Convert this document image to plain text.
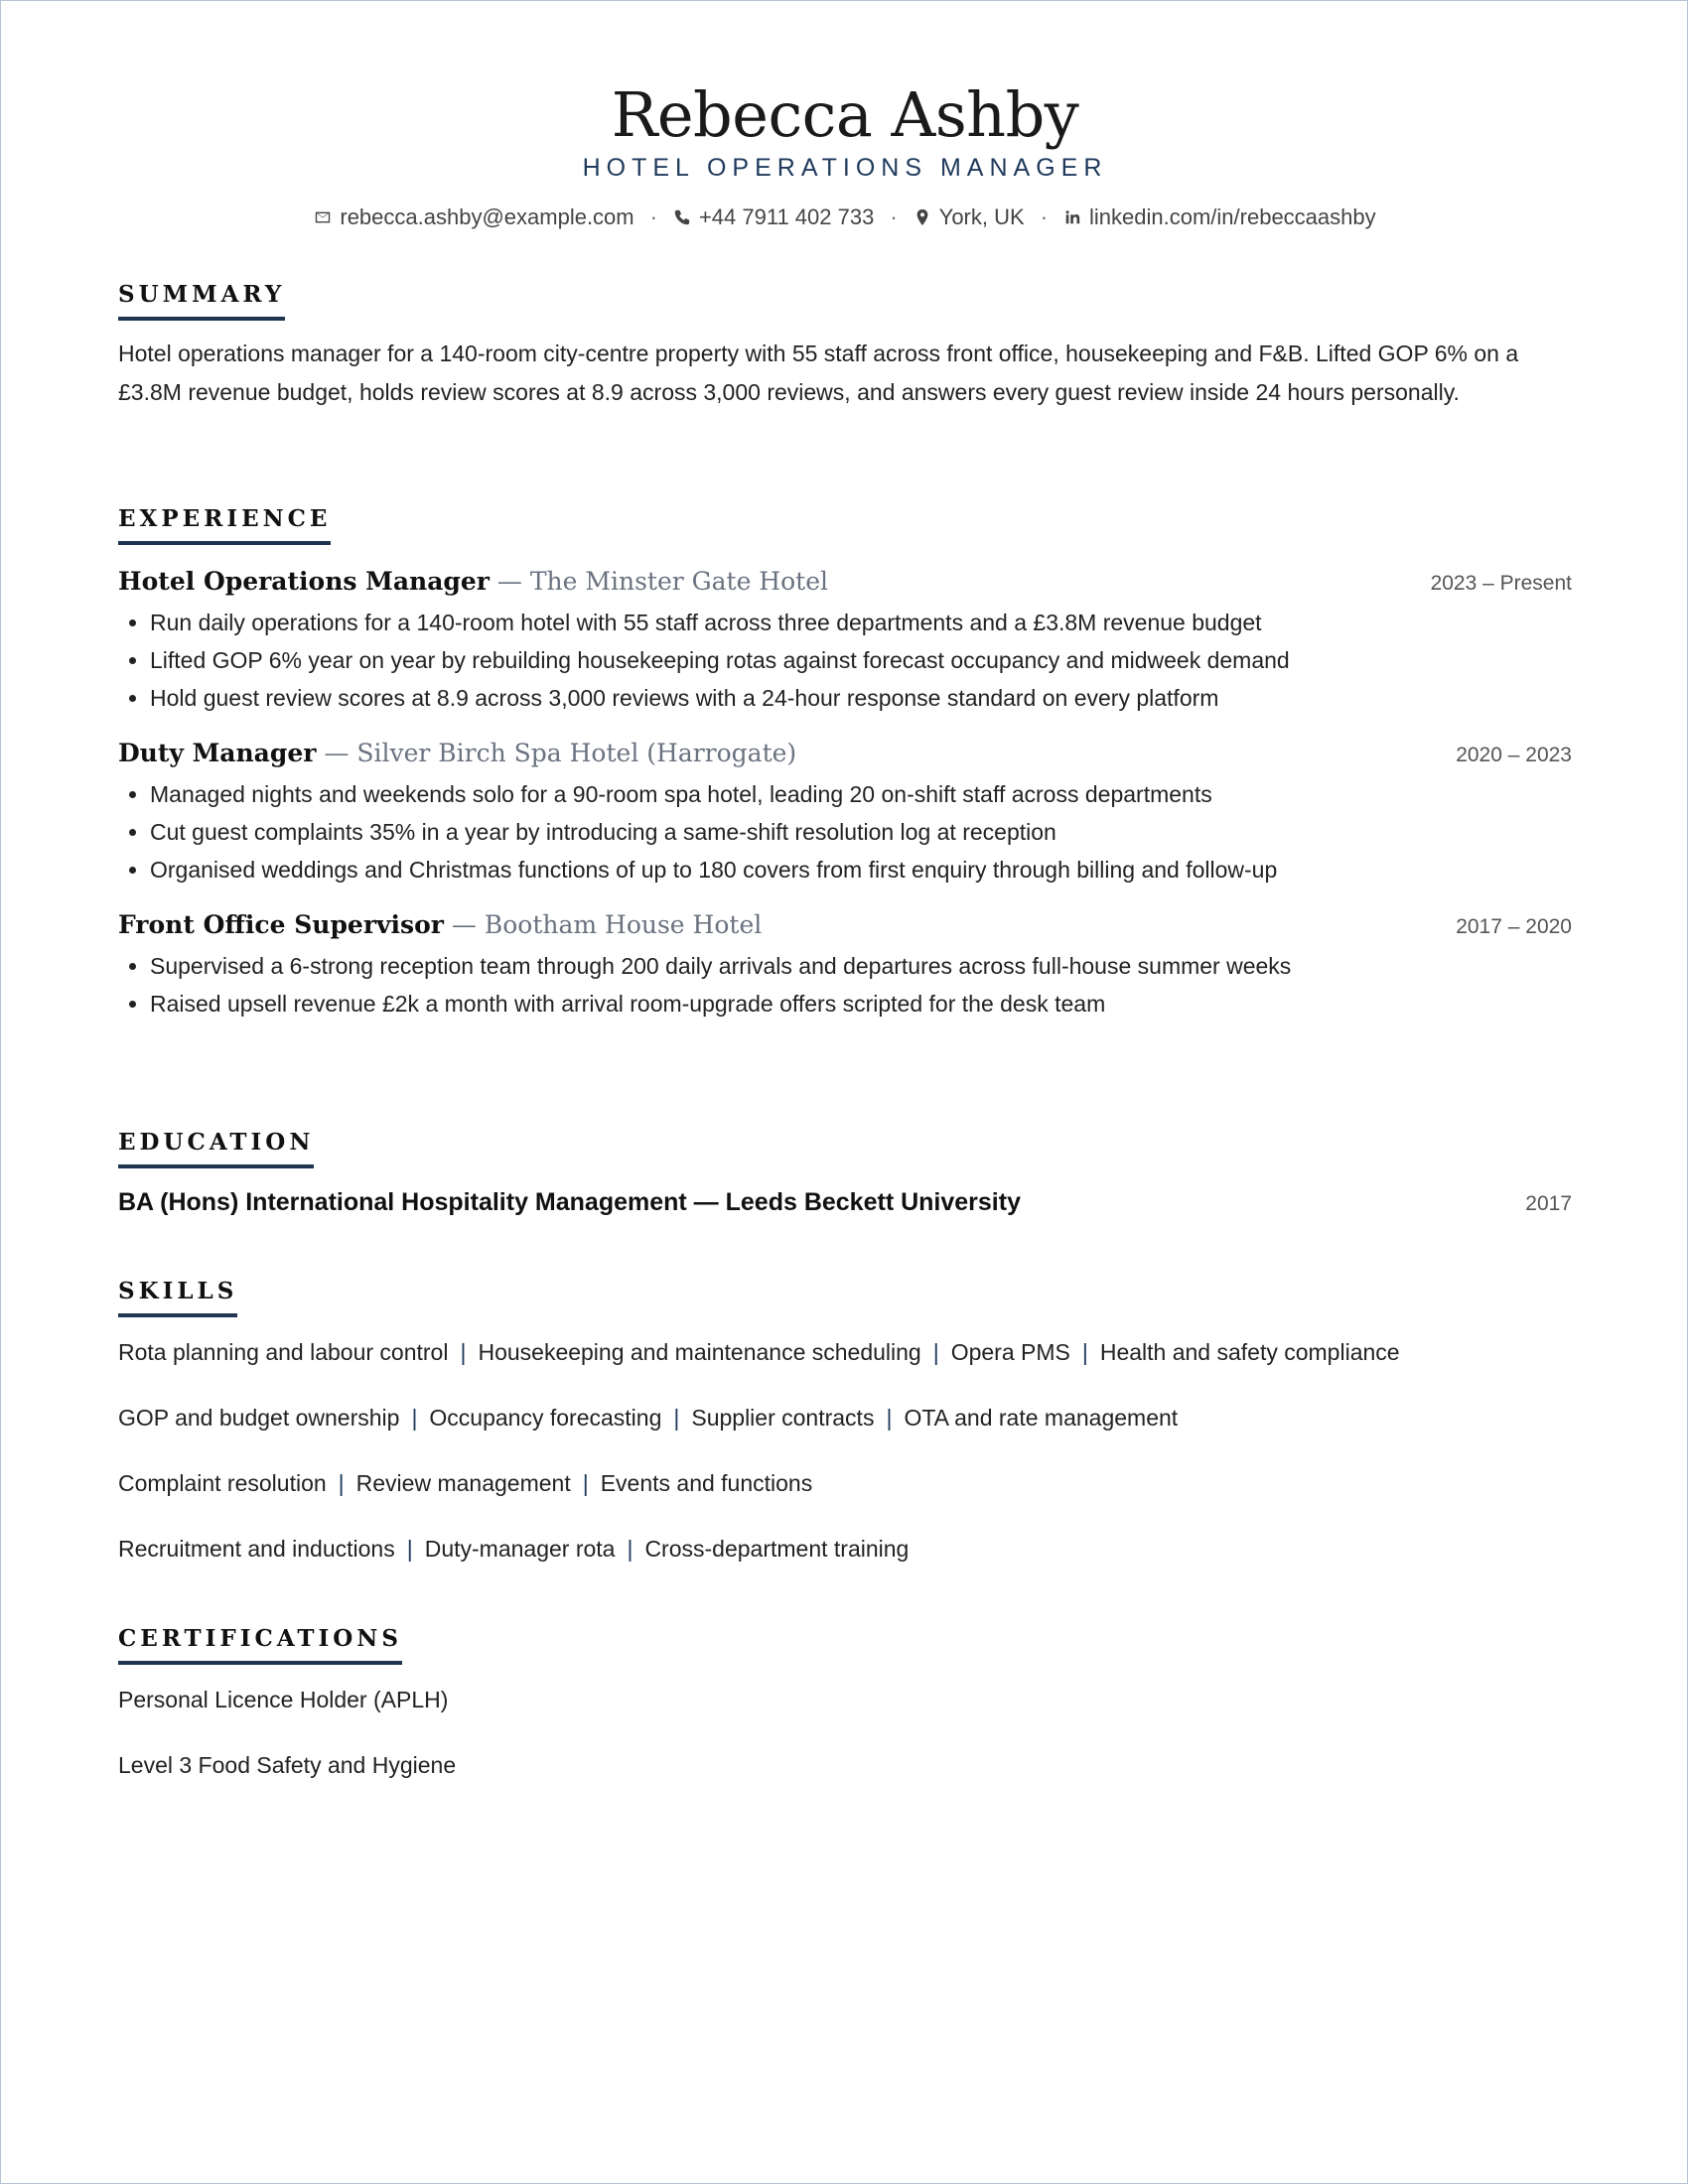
Rebecca Ashby
HOTEL OPERATIONS MANAGER
rebecca.ashby@example.com · +44 7911 402 733 · York, UK · linkedin.com/in/rebeccaashby
SUMMARY
Hotel operations manager for a 140-room city-centre property with 55 staff across front office, housekeeping and F&B. Lifted GOP 6% on a £3.8M revenue budget, holds review scores at 8.9 across 3,000 reviews, and answers every guest review inside 24 hours personally.
EXPERIENCE
Hotel Operations Manager — The Minster Gate Hotel	2023 – Present
• Run daily operations for a 140-room hotel with 55 staff across three departments and a £3.8M revenue budget
• Lifted GOP 6% year on year by rebuilding housekeeping rotas against forecast occupancy and midweek demand
• Hold guest review scores at 8.9 across 3,000 reviews with a 24-hour response standard on every platform
Duty Manager — Silver Birch Spa Hotel (Harrogate)	2020 – 2023
• Managed nights and weekends solo for a 90-room spa hotel, leading 20 on-shift staff across departments
• Cut guest complaints 35% in a year by introducing a same-shift resolution log at reception
• Organised weddings and Christmas functions of up to 180 covers from first enquiry through billing and follow-up
Front Office Supervisor — Bootham House Hotel	2017 – 2020
• Supervised a 6-strong reception team through 200 daily arrivals and departures across full-house summer weeks
• Raised upsell revenue £2k a month with arrival room-upgrade offers scripted for the desk team
EDUCATION
BA (Hons) International Hospitality Management — Leeds Beckett University	2017
SKILLS
Rota planning and labour control | Housekeeping and maintenance scheduling | Opera PMS | Health and safety compliance
GOP and budget ownership | Occupancy forecasting | Supplier contracts | OTA and rate management
Complaint resolution | Review management | Events and functions
Recruitment and inductions | Duty-manager rota | Cross-department training
CERTIFICATIONS
Personal Licence Holder (APLH)
Level 3 Food Safety and Hygiene
